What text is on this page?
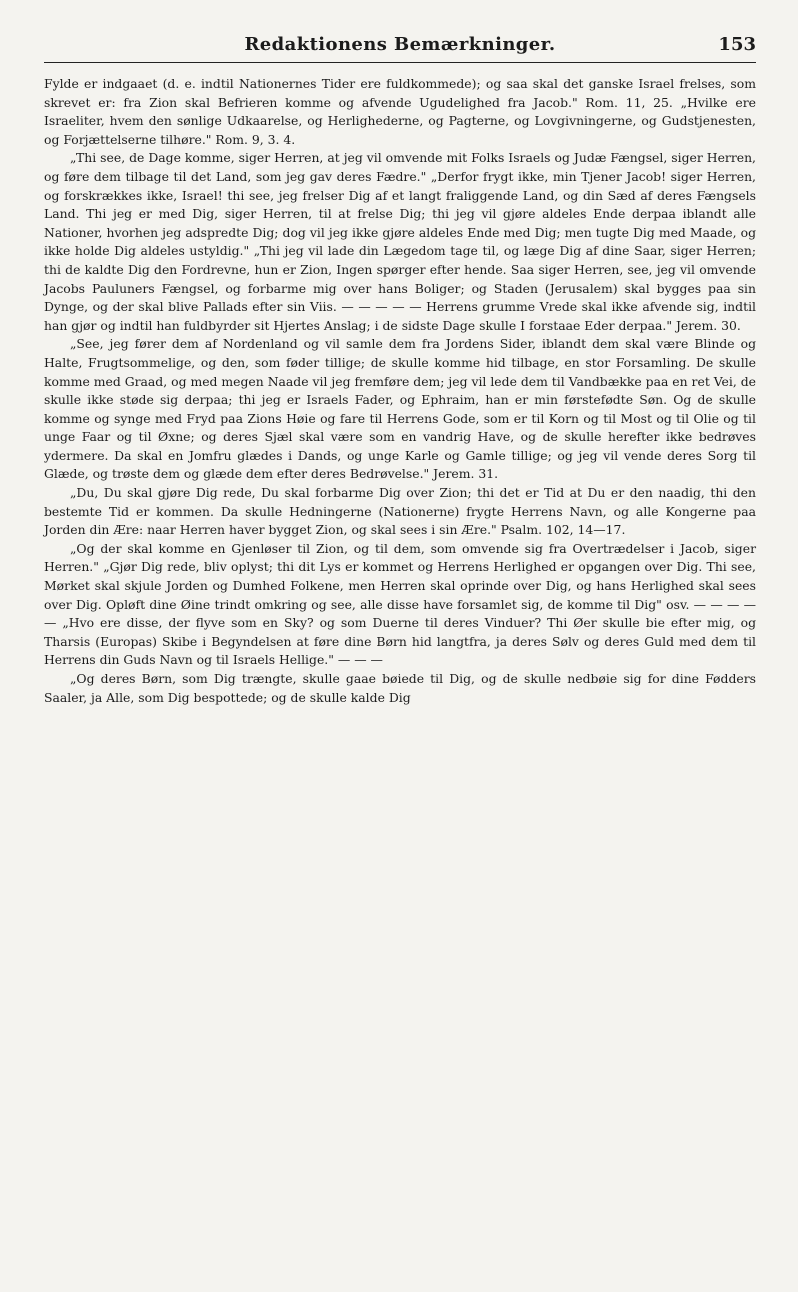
Redaktionens Bemærkninger.	153

Fylde er indgaaet (d. e. indtil Nationernes Tider ere fuldkommede); og saa skal det ganske Israel frelses, som skrevet er: fra Zion skal Befrieren komme og afvende Ugudelighed fra Jacob." Rom. 11, 25. „Hvilke ere Israeliter, hvem den sønlige Udkaarelse, og Herlighederne, og Pagterne, og Lovgivningerne, og Gudstjenesten, og Forjættelserne tilhøre." Rom. 9, 3. 4.

„Thi see, de Dage komme, siger Herren, at jeg vil omvende mit Folks Israels og Judæ Fængsel, siger Herren, og føre dem tilbage til det Land, som jeg gav deres Fædre." „Derfor frygt ikke, min Tjener Jacob! siger Herren, og forskrækkes ikke, Israel! thi see, jeg frelser Dig af et langt fraliggende Land, og din Sæd af deres Fængsels Land. Thi jeg er med Dig, siger Herren, til at frelse Dig; thi jeg vil gjøre aldeles Ende derpaa iblandt alle Nationer, hvorhen jeg adspredte Dig; dog vil jeg ikke gjøre aldeles Ende med Dig; men tugte Dig med Maade, og ikke holde Dig aldeles ustyldig." „Thi jeg vil lade din Lægedom tage til, og læge Dig af dine Saar, siger Herren; thi de kaldte Dig den Fordrevne, hun er Zion, Ingen spørger efter hende. Saa siger Herren, see, jeg vil omvende Jacobs Pauluners Fængsel, og forbarme mig over hans Boliger; og Staden (Jerusalem) skal bygges paa sin Dynge, og der skal blive Pallads efter sin Viis. — — — — — Herrens grumme Vrede skal ikke afvende sig, indtil han gjør og indtil han fuldbyrder sit Hjertes Anslag; i de sidste Dage skulle I forstaae Eder derpaa." Jerem. 30.

„See, jeg fører dem af Nordenland og vil samle dem fra Jordens Sider, iblandt dem skal være Blinde og Halte, Frugtsommelige, og den, som føder tillige; de skulle komme hid tilbage, en stor Forsamling. De skulle komme med Graad, og med megen Naade vil jeg fremføre dem; jeg vil lede dem til Vandbække paa en ret Vei, de skulle ikke støde sig derpaa; thi jeg er Israels Fader, og Ephraim, han er min førstefødte Søn. Og de skulle komme og synge med Fryd paa Zions Høie og fare til Herrens Gode, som er til Korn og til Most og til Olie og til unge Faar og til Øxne; og deres Sjæl skal være som en vandrig Have, og de skulle herefter ikke bedrøves ydermere. Da skal en Jomfru glædes i Dands, og unge Karle og Gamle tillige; og jeg vil vende deres Sorg til Glæde, og trøste dem og glæde dem efter deres Bedrøvelse." Jerem. 31.

„Du, Du skal gjøre Dig rede, Du skal forbarme Dig over Zion; thi det er Tid at Du er den naadig, thi den bestemte Tid er kommen. Da skulle Hedningerne (Nationerne) frygte Herrens Navn, og alle Kongerne paa Jorden din Ære: naar Herren haver bygget Zion, og skal sees i sin Ære." Psalm. 102, 14—17.

„Og der skal komme en Gjenløser til Zion, og til dem, som omvende sig fra Overtrædelser i Jacob, siger Herren." „Gjør Dig rede, bliv oplyst; thi dit Lys er kommet og Herrens Herlighed er opgangen over Dig. Thi see, Mørket skal skjule Jorden og Dumhed Folkene, men Herren skal oprinde over Dig, og hans Herlighed skal sees over Dig. Opløft dine Øine trindt omkring og see, alle disse have forsamlet sig, de komme til Dig" osv. — — — — — „Hvo ere disse, der flyve som en Sky? og som Duerne til deres Vinduer? Thi Øer skulle bie efter mig, og Tharsis (Europas) Skibe i Begyndelsen at føre dine Børn hid langtfra, ja deres Sølv og deres Guld med dem til Herrens din Guds Navn og til Israels Hellige." — — —

„Og deres Børn, som Dig trængte, skulle gaae bøiede til Dig, og de skulle nedbøie sig for dine Fødders Saaler, ja Alle, som Dig bespottede; og de skulle kalde Dig
